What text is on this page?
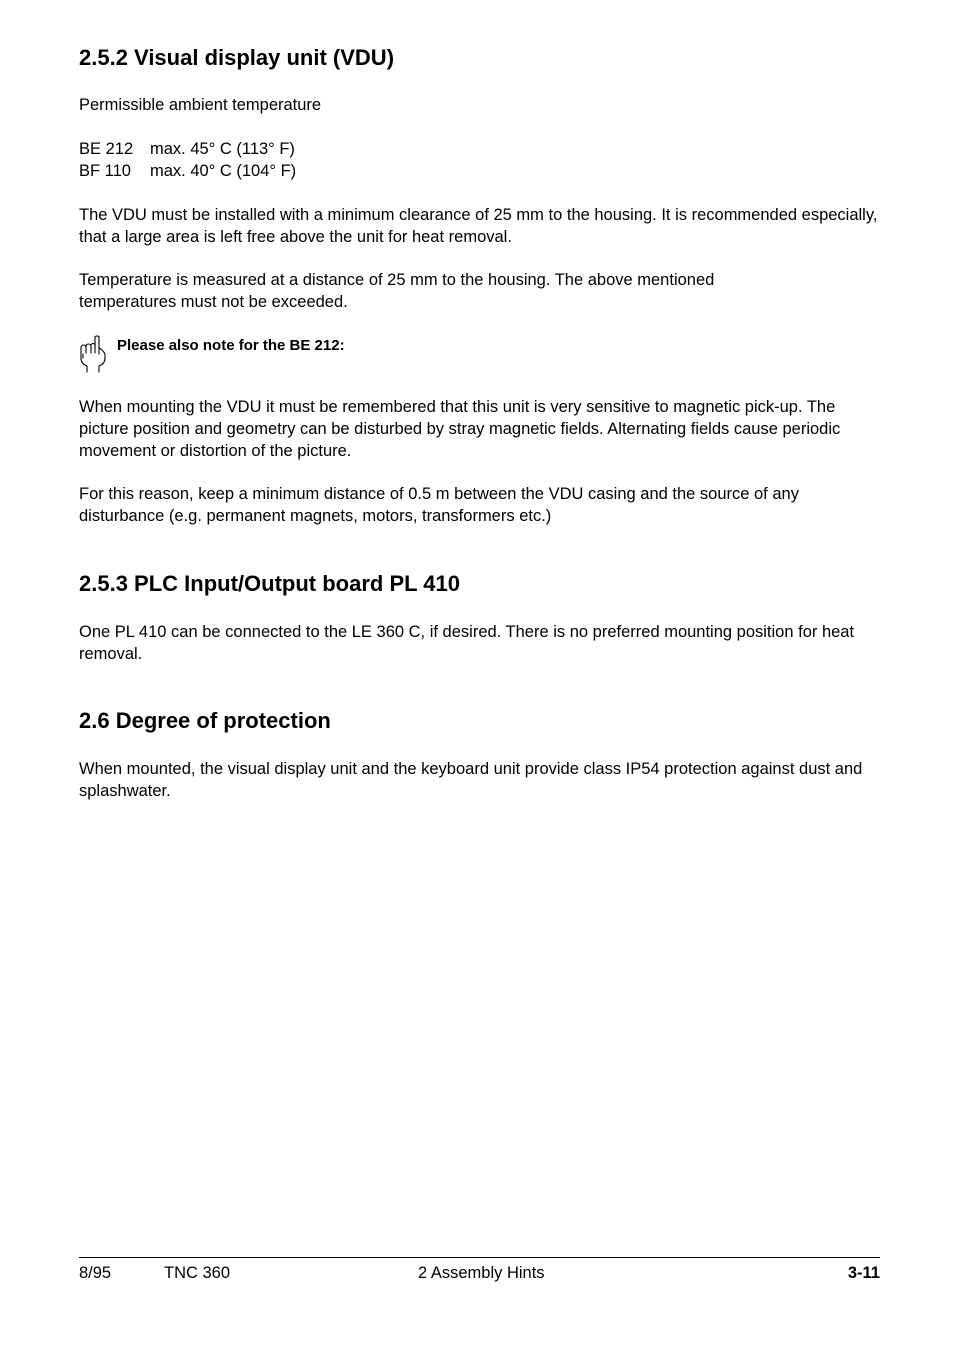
2.5.2 Visual display unit (VDU)
Permissible ambient temperature
BE 212 max. 45° C (113° F)
BF 110 max. 40° C (104° F)

The VDU must be installed with a minimum clearance of 25 mm to the housing. It is recommended especially, that a large area is left free above the unit for heat removal.

Temperature is measured at a distance of 25 mm to the housing. The above mentioned temperatures must not be exceeded.

Please also note for the BE 212:

When mounting the VDU it must be remembered that this unit is very sensitive to magnetic pick-up. The picture position and geometry can be disturbed by stray magnetic fields. Alternating fields cause periodic movement or distortion of the picture.

For this reason, keep a minimum distance of 0.5 m between the VDU casing and the source of any disturbance (e.g. permanent magnets, motors, transformers etc.)

2.5.3 PLC Input/Output board PL 410

One PL 410 can be connected to the LE 360 C, if desired. There is no preferred mounting position for heat removal.

2.6 Degree of protection

When mounted, the visual display unit and the keyboard unit provide class IP54 protection against dust and splashwater.

8/95	TNC 360	2 Assembly Hints	3-11
